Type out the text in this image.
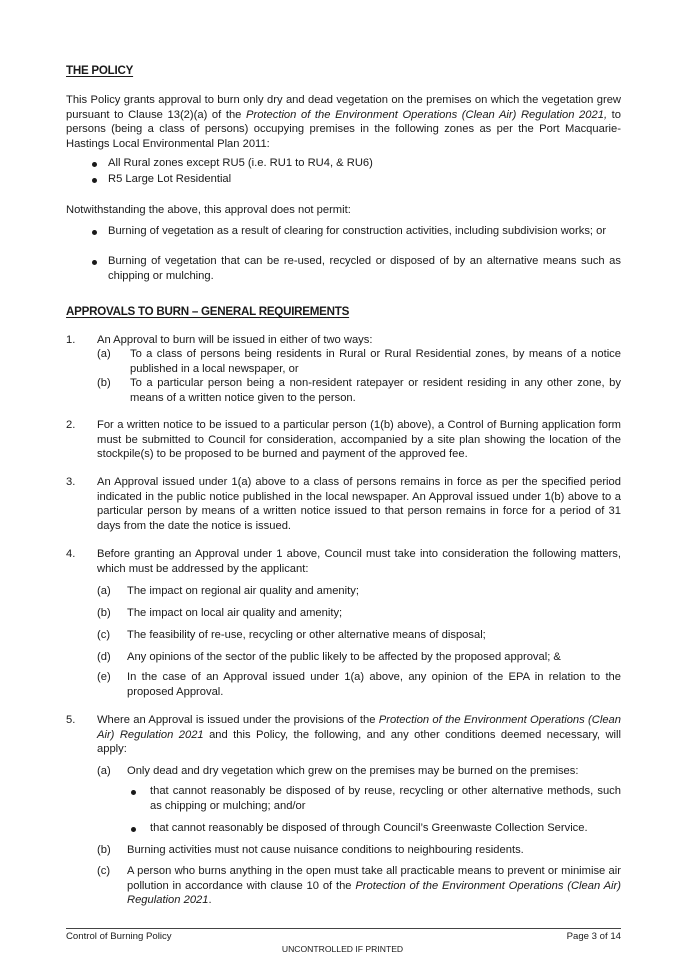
THE POLICY
This Policy grants approval to burn only dry and dead vegetation on the premises on which the vegetation grew pursuant to Clause 13(2)(a) of the Protection of the Environment Operations (Clean Air) Regulation 2021, to persons (being a class of persons) occupying premises in the following zones as per the Port Macquarie-Hastings Local Environmental Plan 2011:
All Rural zones except RU5 (i.e. RU1 to RU4, & RU6)
R5 Large Lot Residential
Notwithstanding the above, this approval does not permit:
Burning of vegetation as a result of clearing for construction activities, including subdivision works; or
Burning of vegetation that can be re-used, recycled or disposed of by an alternative means such as chipping or mulching.
APPROVALS TO BURN – GENERAL REQUIREMENTS
1. An Approval to burn will be issued in either of two ways:
(a) To a class of persons being residents in Rural or Rural Residential zones, by means of a notice published in a local newspaper, or
(b) To a particular person being a non-resident ratepayer or resident residing in any other zone, by means of a written notice given to the person.
2. For a written notice to be issued to a particular person (1(b) above), a Control of Burning application form must be submitted to Council for consideration, accompanied by a site plan showing the location of the stockpile(s) to be proposed to be burned and payment of the approved fee.
3. An Approval issued under 1(a) above to a class of persons remains in force as per the specified period indicated in the public notice published in the local newspaper. An Approval issued under 1(b) above to a particular person by means of a written notice issued to that person remains in force for a period of 31 days from the date the notice is issued.
4. Before granting an Approval under 1 above, Council must take into consideration the following matters, which must be addressed by the applicant:
(a) The impact on regional air quality and amenity;
(b) The impact on local air quality and amenity;
(c) The feasibility of re-use, recycling or other alternative means of disposal;
(d) Any opinions of the sector of the public likely to be affected by the proposed approval; &
(e) In the case of an Approval issued under 1(a) above, any opinion of the EPA in relation to the proposed Approval.
5. Where an Approval is issued under the provisions of the Protection of the Environment Operations (Clean Air) Regulation 2021 and this Policy, the following, and any other conditions deemed necessary, will apply:
(a) Only dead and dry vegetation which grew on the premises may be burned on the premises:
that cannot reasonably be disposed of by reuse, recycling or other alternative methods, such as chipping or mulching; and/or
that cannot reasonably be disposed of through Council’s Greenwaste Collection Service.
(b) Burning activities must not cause nuisance conditions to neighbouring residents.
(c) A person who burns anything in the open must take all practicable means to prevent or minimise air pollution in accordance with clause 10 of the Protection of the Environment Operations (Clean Air) Regulation 2021.
Control of Burning Policy	Page 3 of 14
UNCONTROLLED IF PRINTED
